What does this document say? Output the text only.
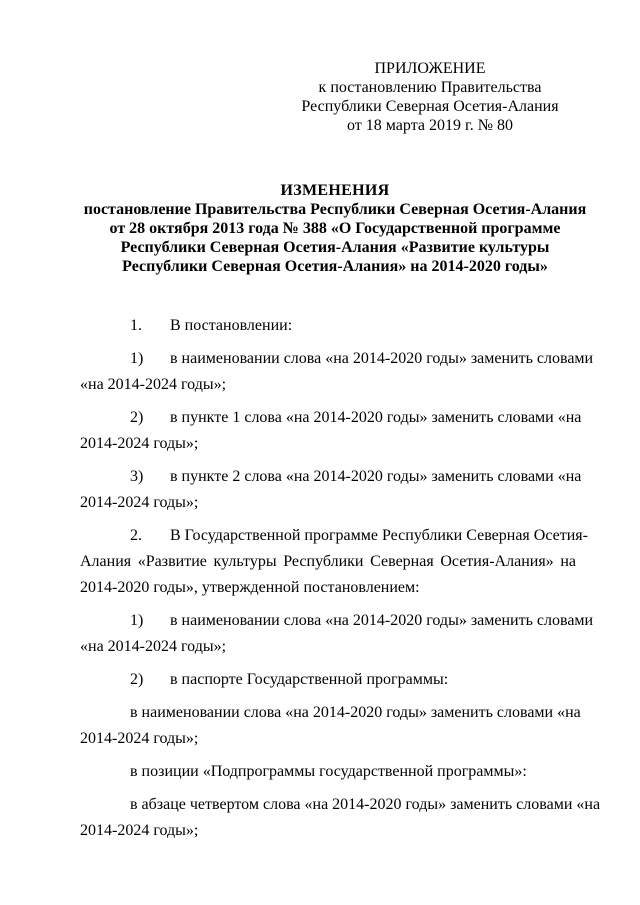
ПРИЛОЖЕНИЕ
к постановлению Правительства
Республики Северная Осетия-Алания
от 18 марта 2019 г. № 80
ИЗМЕНЕНИЯ
постановление Правительства Республики Северная Осетия-Алания
от 28 октября 2013 года № 388 «О Государственной программе
Республики Северная Осетия-Алания «Развитие культуры
Республики Северная Осетия-Алания» на 2014-2020 годы»
1. В постановлении:
1) в наименовании слова «на 2014-2020 годы» заменить словами
«на 2014-2024 годы»;
2) в пункте 1 слова «на 2014-2020 годы» заменить словами «на
2014-2024 годы»;
3) в пункте 2 слова «на 2014-2020 годы» заменить словами «на
2014-2024 годы»;
2. В Государственной программе Республики Северная Осетия-
Алания «Развитие культуры Республики Северная Осетия-Алания» на
2014-2020 годы», утвержденной постановлением:
1) в наименовании слова «на 2014-2020 годы» заменить словами
«на 2014-2024 годы»;
2) в паспорте Государственной программы:
в наименовании слова «на 2014-2020 годы» заменить словами «на
2014-2024 годы»;
в позиции «Подпрограммы государственной программы»:
в абзаце четвертом слова «на 2014-2020 годы» заменить словами «на
2014-2024 годы»;
